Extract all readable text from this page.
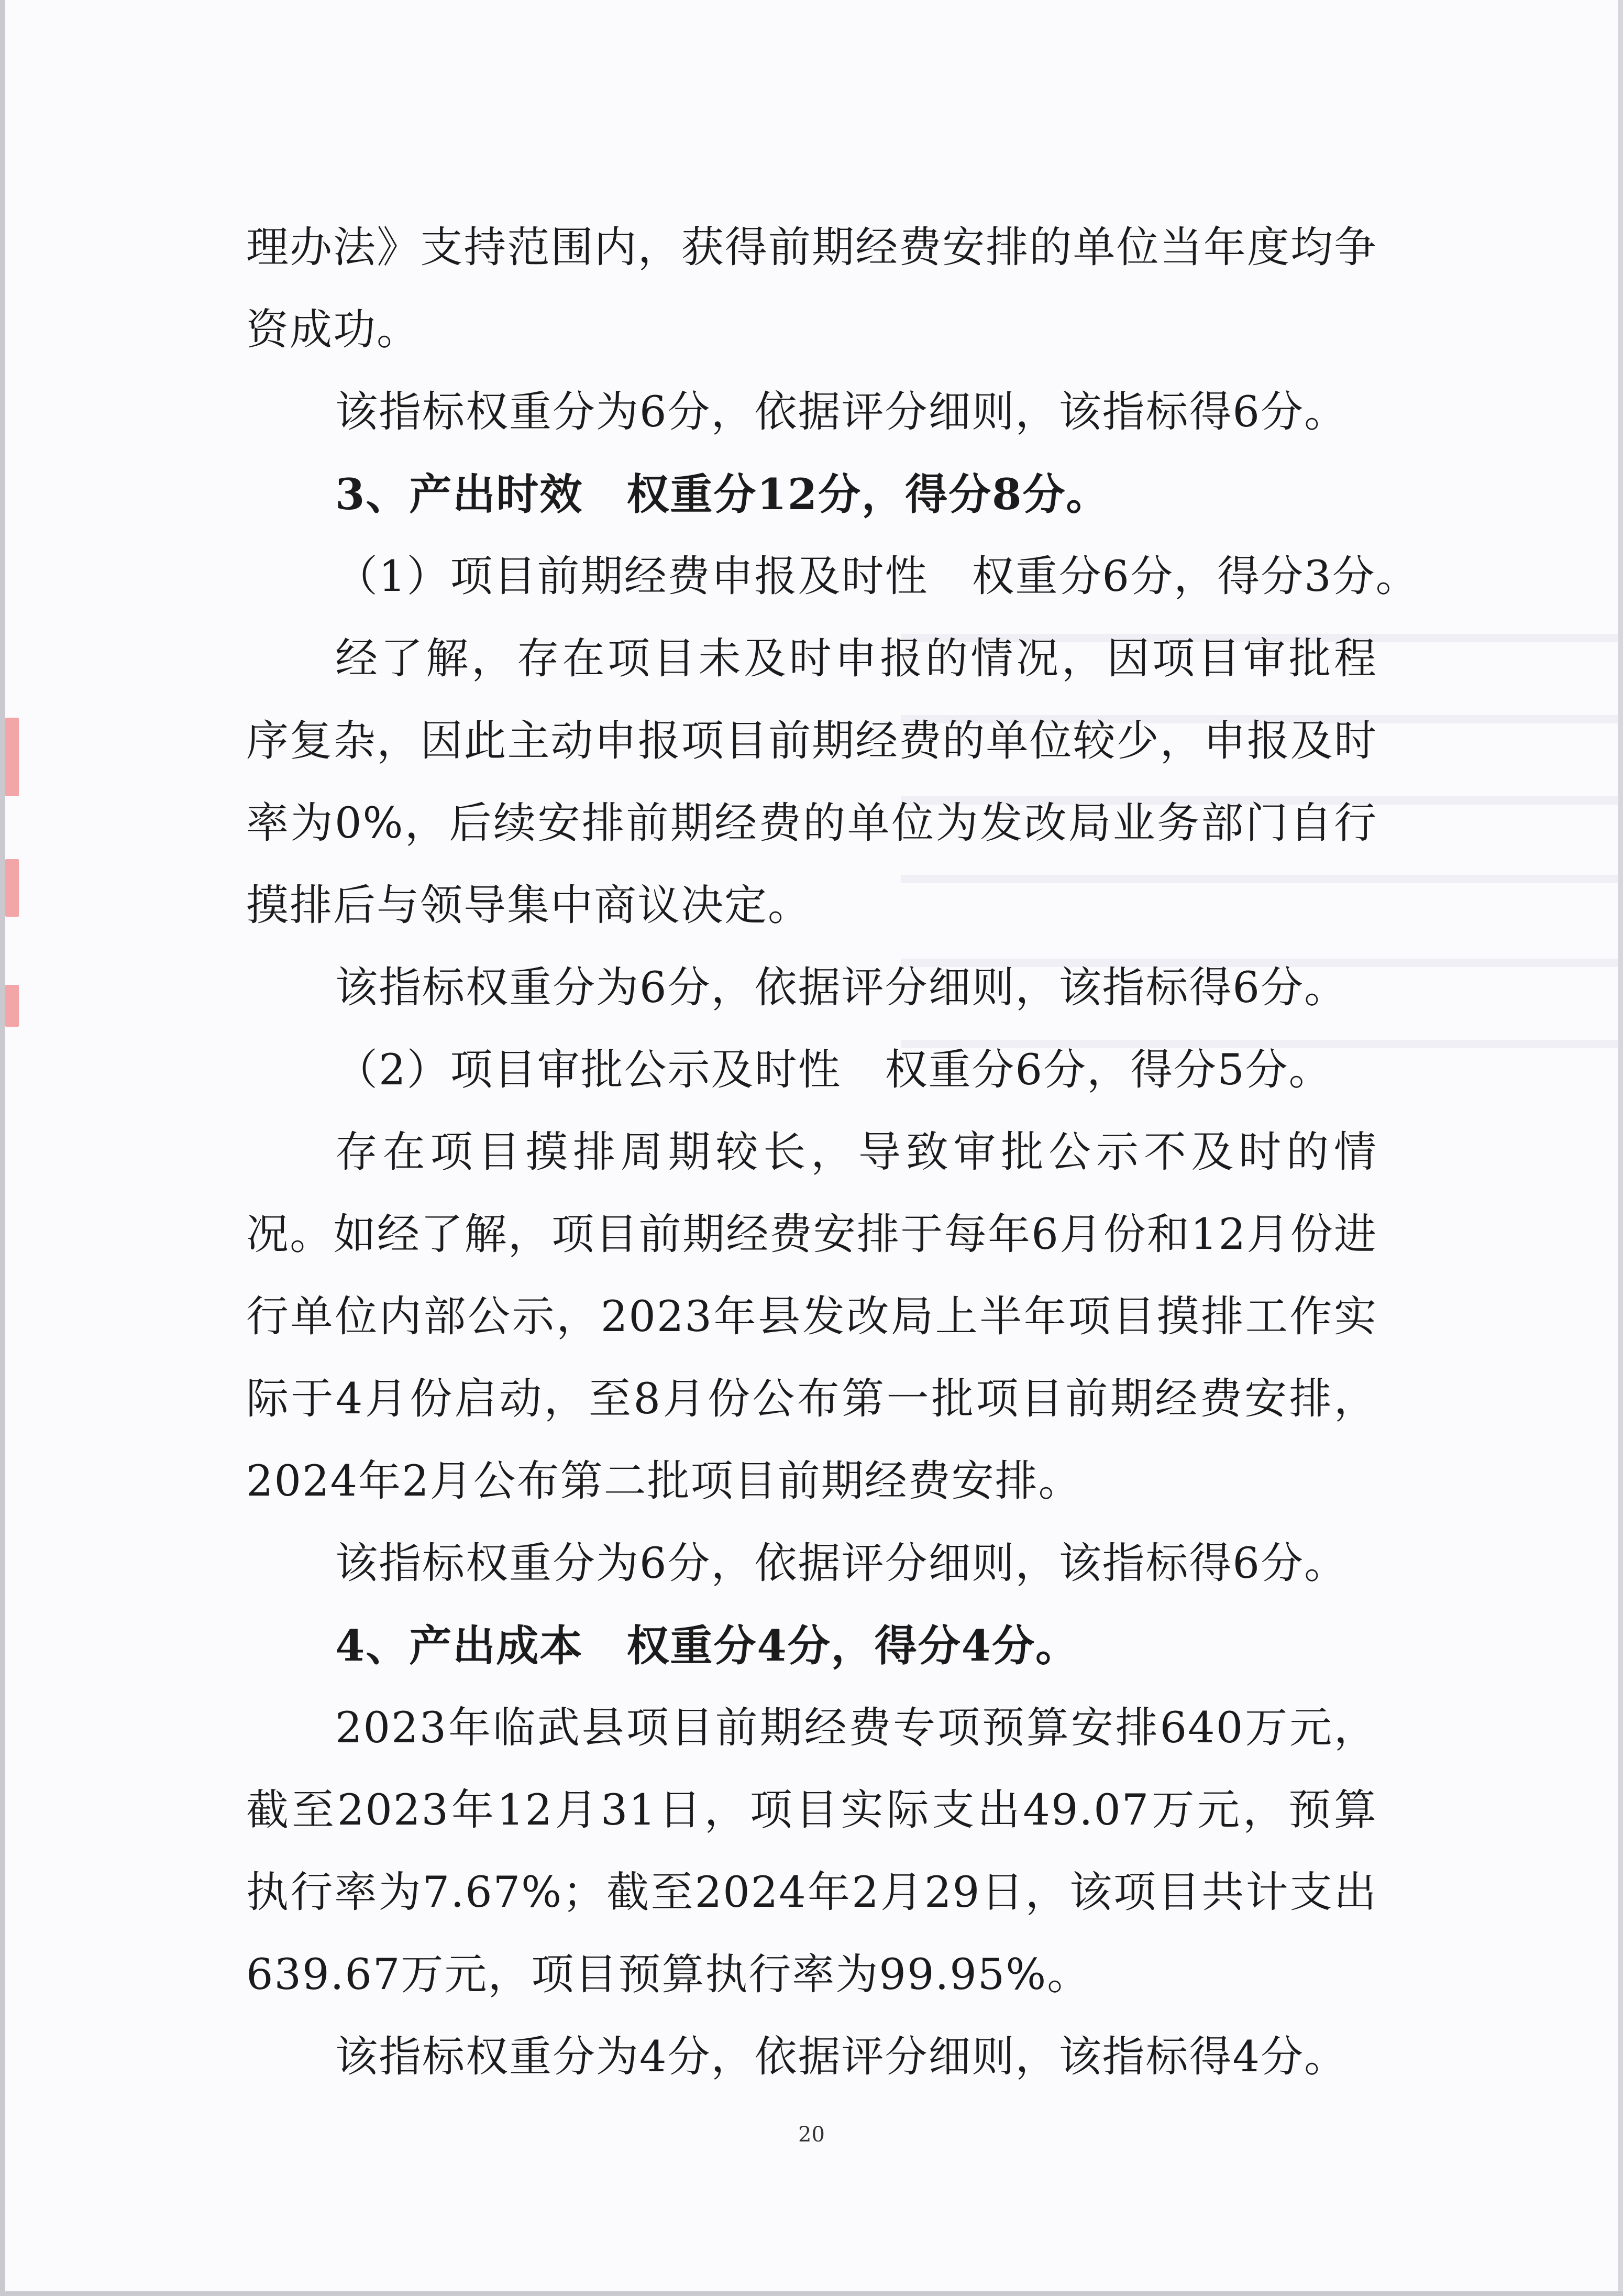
理办法》支持范围内，获得前期经费安排的单位当年度均争资成功。

该指标权重分为6分，依据评分细则，该指标得6分。

3、产出时效　权重分12分，得分8分。

（1）项目前期经费申报及时性　权重分6分，得分3分。

经了解，存在项目未及时申报的情况，因项目审批程序复杂，因此主动申报项目前期经费的单位较少，申报及时率为0%，后续安排前期经费的单位为发改局业务部门自行摸排后与领导集中商议决定。

该指标权重分为6分，依据评分细则，该指标得6分。

（2）项目审批公示及时性　权重分6分，得分5分。

存在项目摸排周期较长，导致审批公示不及时的情况。如经了解，项目前期经费安排于每年6月份和12月份进行单位内部公示，2023年县发改局上半年项目摸排工作实际于4月份启动，至8月份公布第一批项目前期经费安排，2024年2月公布第二批项目前期经费安排。

该指标权重分为6分，依据评分细则，该指标得6分。

4、产出成本　权重分4分，得分4分。

2023年临武县项目前期经费专项预算安排640万元，截至2023年12月31日，项目实际支出49.07万元，预算执行率为7.67%；截至2024年2月29日，该项目共计支出639.67万元，项目预算执行率为99.95%。

该指标权重分为4分，依据评分细则，该指标得4分。

20
